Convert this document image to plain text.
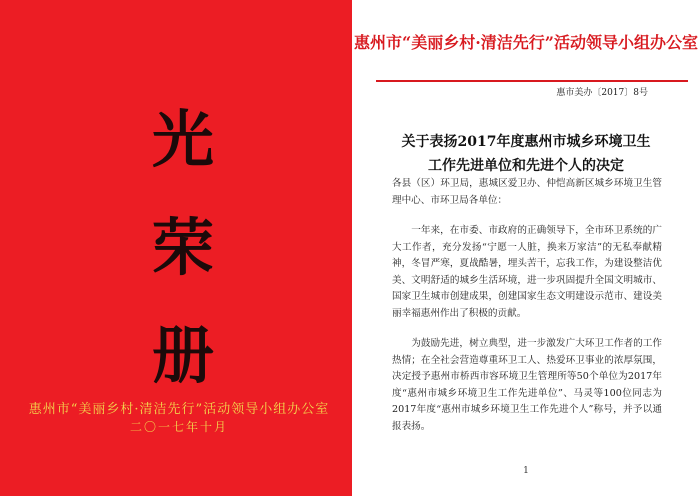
光
荣
册
惠州市“美丽乡村·清洁先行”活动领导小组办公室
二〇一七年十月
惠州市“美丽乡村·清洁先行”活动领导小组办公室
惠市美办〔2017〕8号
关于表扬2017年度惠州市城乡环境卫生
工作先进单位和先进个人的决定

各县（区）环卫局，惠城区爱卫办、仲恺高新区城乡环境卫生管理中心、市环卫局各单位：

一年来，在市委、市政府的正确领导下，全市环卫系统的广大工作者，充分发扬“宁愿一人脏，换来万家洁”的无私奉献精神，冬冒严寒，夏战酷暑，埋头苦干，忘我工作，为建设整洁优美、文明舒适的城乡生活环境，进一步巩固提升全国文明城市、国家卫生城市创建成果，创建国家生态文明建设示范市、建设美丽幸福惠州作出了积极的贡献。

为鼓励先进，树立典型，进一步激发广大环卫工作者的工作热情；在全社会营造尊重环卫工人、热爱环卫事业的浓厚氛围，决定授予惠州市桥西市容环境卫生管理所等50个单位为2017年度“惠州市城乡环境卫生工作先进单位”、马灵等100位同志为2017年度“惠州市城乡环境卫生工作先进个人”称号，并予以通报表扬。

1
